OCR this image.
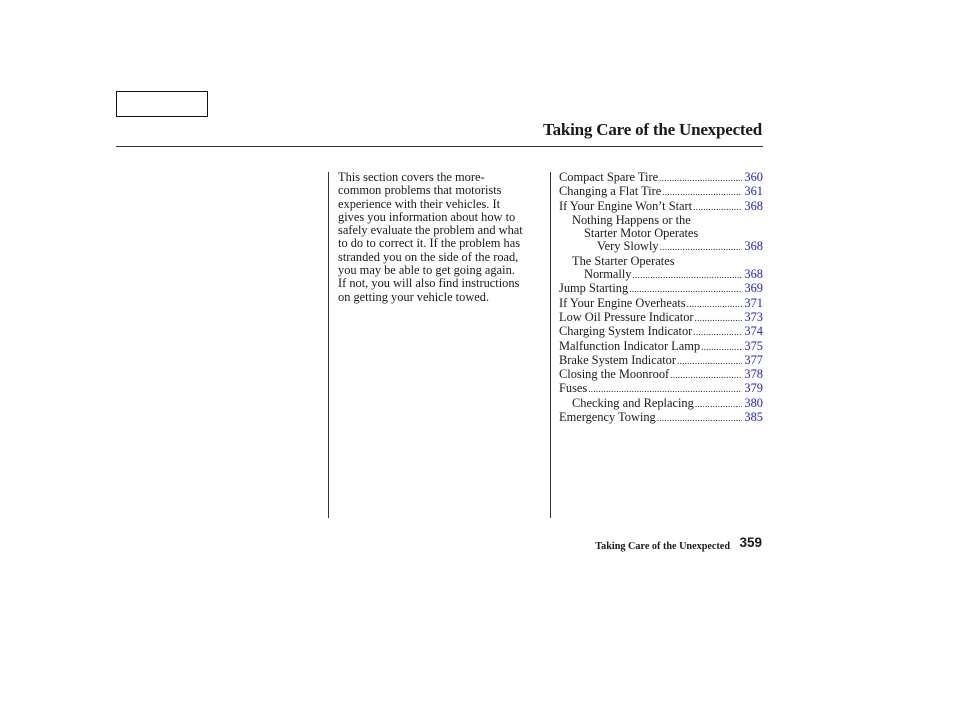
Taking Care of the Unexpected

This section covers the more-
common problems that motorists
experience with their vehicles. It
gives you information about how to
safely evaluate the problem and what
to do to correct it. If the problem has
stranded you on the side of the road,
you may be able to get going again.
If not, you will also find instructions
on getting your vehicle towed.

Compact Spare Tire .....	360
Changing a Flat Tire .....	361
If Your Engine Won’t Start .....	368
Nothing Happens or the
Starter Motor Operates
Very Slowly .....	368
The Starter Operates
Normally .....	368
Jump Starting .....	369
If Your Engine Overheats .....	371
Low Oil Pressure Indicator .....	373
Charging System Indicator .....	374
Malfunction Indicator Lamp .....	375
Brake System Indicator .....	377
Closing the Moonroof .....	378
Fuses .....	379
Checking and Replacing .....	380
Emergency Towing .....	385
Taking Care of the Unexpected 359
